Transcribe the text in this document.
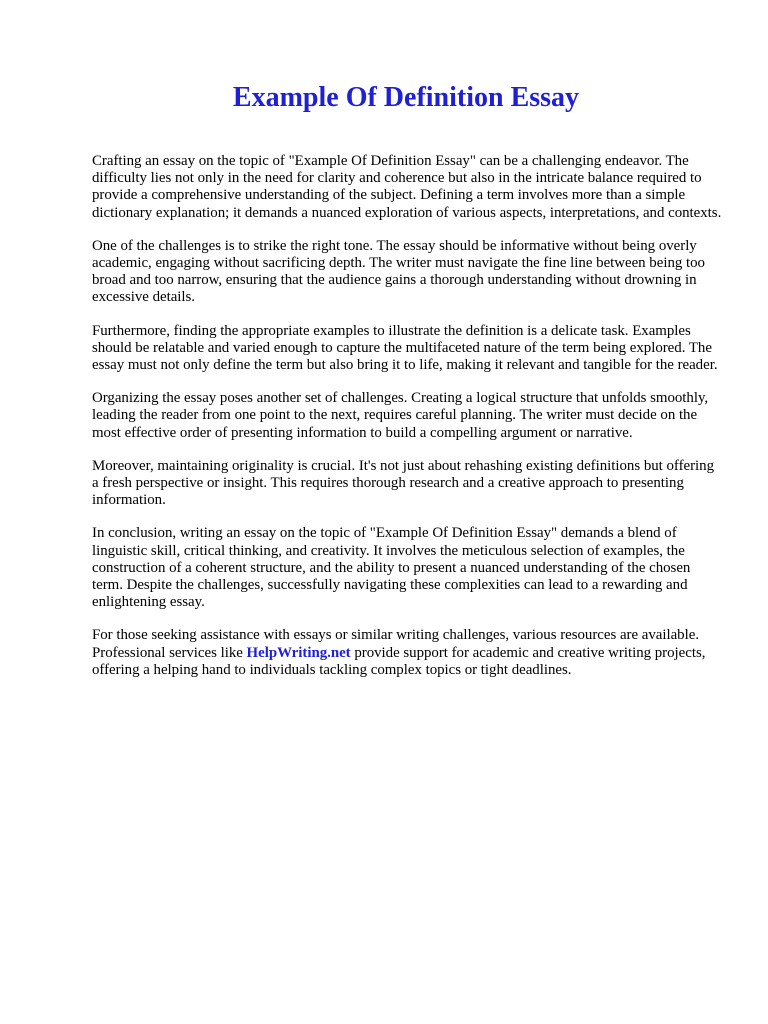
Example Of Definition Essay

Crafting an essay on the topic of "Example Of Definition Essay" can be a challenging endeavor. The difficulty lies not only in the need for clarity and coherence but also in the intricate balance required to provide a comprehensive understanding of the subject. Defining a term involves more than a simple dictionary explanation; it demands a nuanced exploration of various aspects, interpretations, and contexts.

One of the challenges is to strike the right tone. The essay should be informative without being overly academic, engaging without sacrificing depth. The writer must navigate the fine line between being too broad and too narrow, ensuring that the audience gains a thorough understanding without drowning in excessive details.

Furthermore, finding the appropriate examples to illustrate the definition is a delicate task. Examples should be relatable and varied enough to capture the multifaceted nature of the term being explored. The essay must not only define the term but also bring it to life, making it relevant and tangible for the reader.

Organizing the essay poses another set of challenges. Creating a logical structure that unfolds smoothly, leading the reader from one point to the next, requires careful planning. The writer must decide on the most effective order of presenting information to build a compelling argument or narrative.

Moreover, maintaining originality is crucial. It's not just about rehashing existing definitions but offering a fresh perspective or insight. This requires thorough research and a creative approach to presenting information.

In conclusion, writing an essay on the topic of "Example Of Definition Essay" demands a blend of linguistic skill, critical thinking, and creativity. It involves the meticulous selection of examples, the construction of a coherent structure, and the ability to present a nuanced understanding of the chosen term. Despite the challenges, successfully navigating these complexities can lead to a rewarding and enlightening essay.

For those seeking assistance with essays or similar writing challenges, various resources are available. Professional services like HelpWriting.net provide support for academic and creative writing projects, offering a helping hand to individuals tackling complex topics or tight deadlines.
